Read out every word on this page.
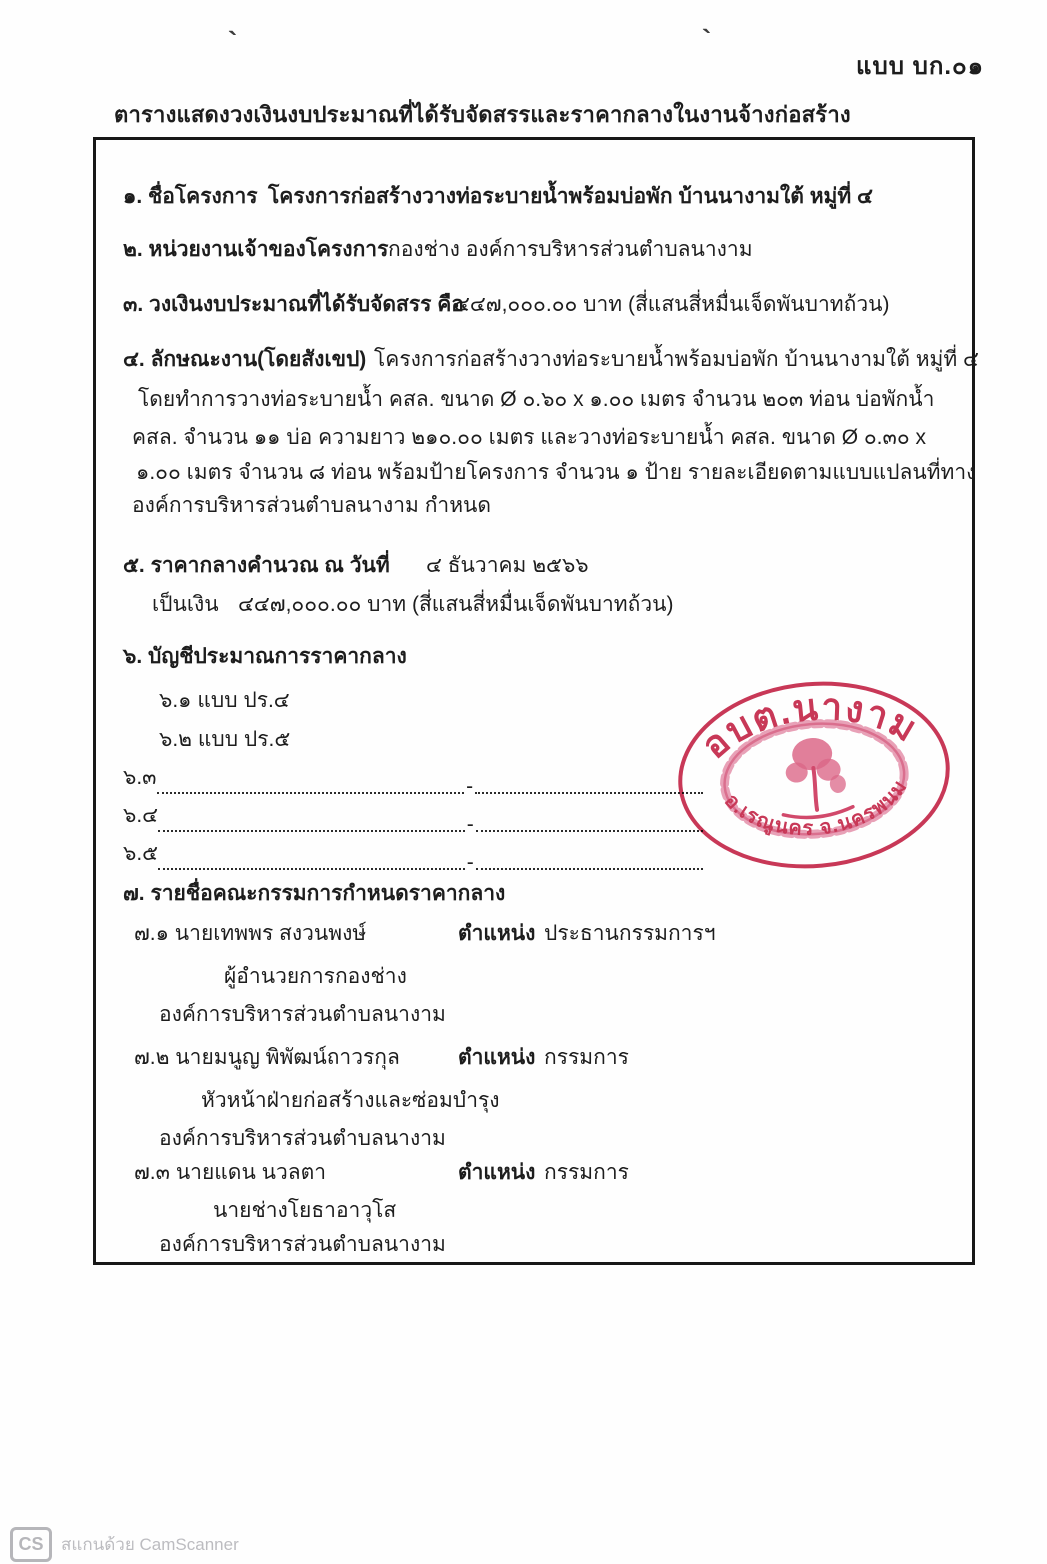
`	`
แบบ บก.๐๑
ตารางแสดงวงเงินงบประมาณที่ได้รับจัดสรรและราคากลางในงานจ้างก่อสร้าง
๑. ชื่อโครงการ โครงการก่อสร้างวางท่อระบายน้ำพร้อมบ่อพัก บ้านนางามใต้ หมู่ที่ ๔
๒. หน่วยงานเจ้าของโครงการ กองช่าง องค์การบริหารส่วนตำบลนางาม
๓. วงเงินงบประมาณที่ได้รับจัดสรร คือ
๔๔๗,๐๐๐.๐๐ บาท (สี่แสนสี่หมื่นเจ็ดพันบาทถ้วน)
๔. ลักษณะงาน(โดยสังเขป) โครงการก่อสร้างวางท่อระบายน้ำพร้อมบ่อพัก บ้านนางามใต้ หมู่ที่ ๔
โดยทำการวางท่อระบายน้ำ คสล. ขนาด Ø ๐.๖๐ x ๑.๐๐ เมตร จำนวน ๒๐๓ ท่อน บ่อพักน้ำ
คสล. จำนวน ๑๑ บ่อ ความยาว ๒๑๐.๐๐ เมตร และวางท่อระบายน้ำ คสล. ขนาด Ø ๐.๓๐ x
๑.๐๐ เมตร จำนวน ๘ ท่อน พร้อมป้ายโครงการ จำนวน ๑ ป้าย รายละเอียดตามแบบแปลนที่ทาง
องค์การบริหารส่วนตำบลนางาม กำหนด
๕. ราคากลางคำนวณ ณ วันที่ ๔ ธันวาคม ๒๕๖๖
เป็นเงิน ๔๔๗,๐๐๐.๐๐ บาท (สี่แสนสี่หมื่นเจ็ดพันบาทถ้วน)
๖. บัญชีประมาณการราคากลาง
๖.๑ แบบ ปร.๔
๖.๒ แบบ ปร.๕
๖.๓	-
๖.๔	-
๖.๕	-
๗. รายชื่อคณะกรรมการกำหนดราคากลาง
๗.๑ นายเทพพร สงวนพงษ์	ตำแหน่ง ประธานกรรมการฯ
ผู้อำนวยการกองช่าง
องค์การบริหารส่วนตำบลนางาม
๗.๒ นายมนูญ พิพัฒน์ถาวรกุล	ตำแหน่ง กรรมการ
หัวหน้าฝ่ายก่อสร้างและซ่อมบำรุง
องค์การบริหารส่วนตำบลนางาม
๗.๓ นายแดน นวลตา	ตำแหน่ง กรรมการ
นายช่างโยธาอาวุโส
องค์การบริหารส่วนตำบลนางาม
อบต.นางาม
อ.เรณูนคร จ.นครพนม
CS	สแกนด้วย CamScanner
